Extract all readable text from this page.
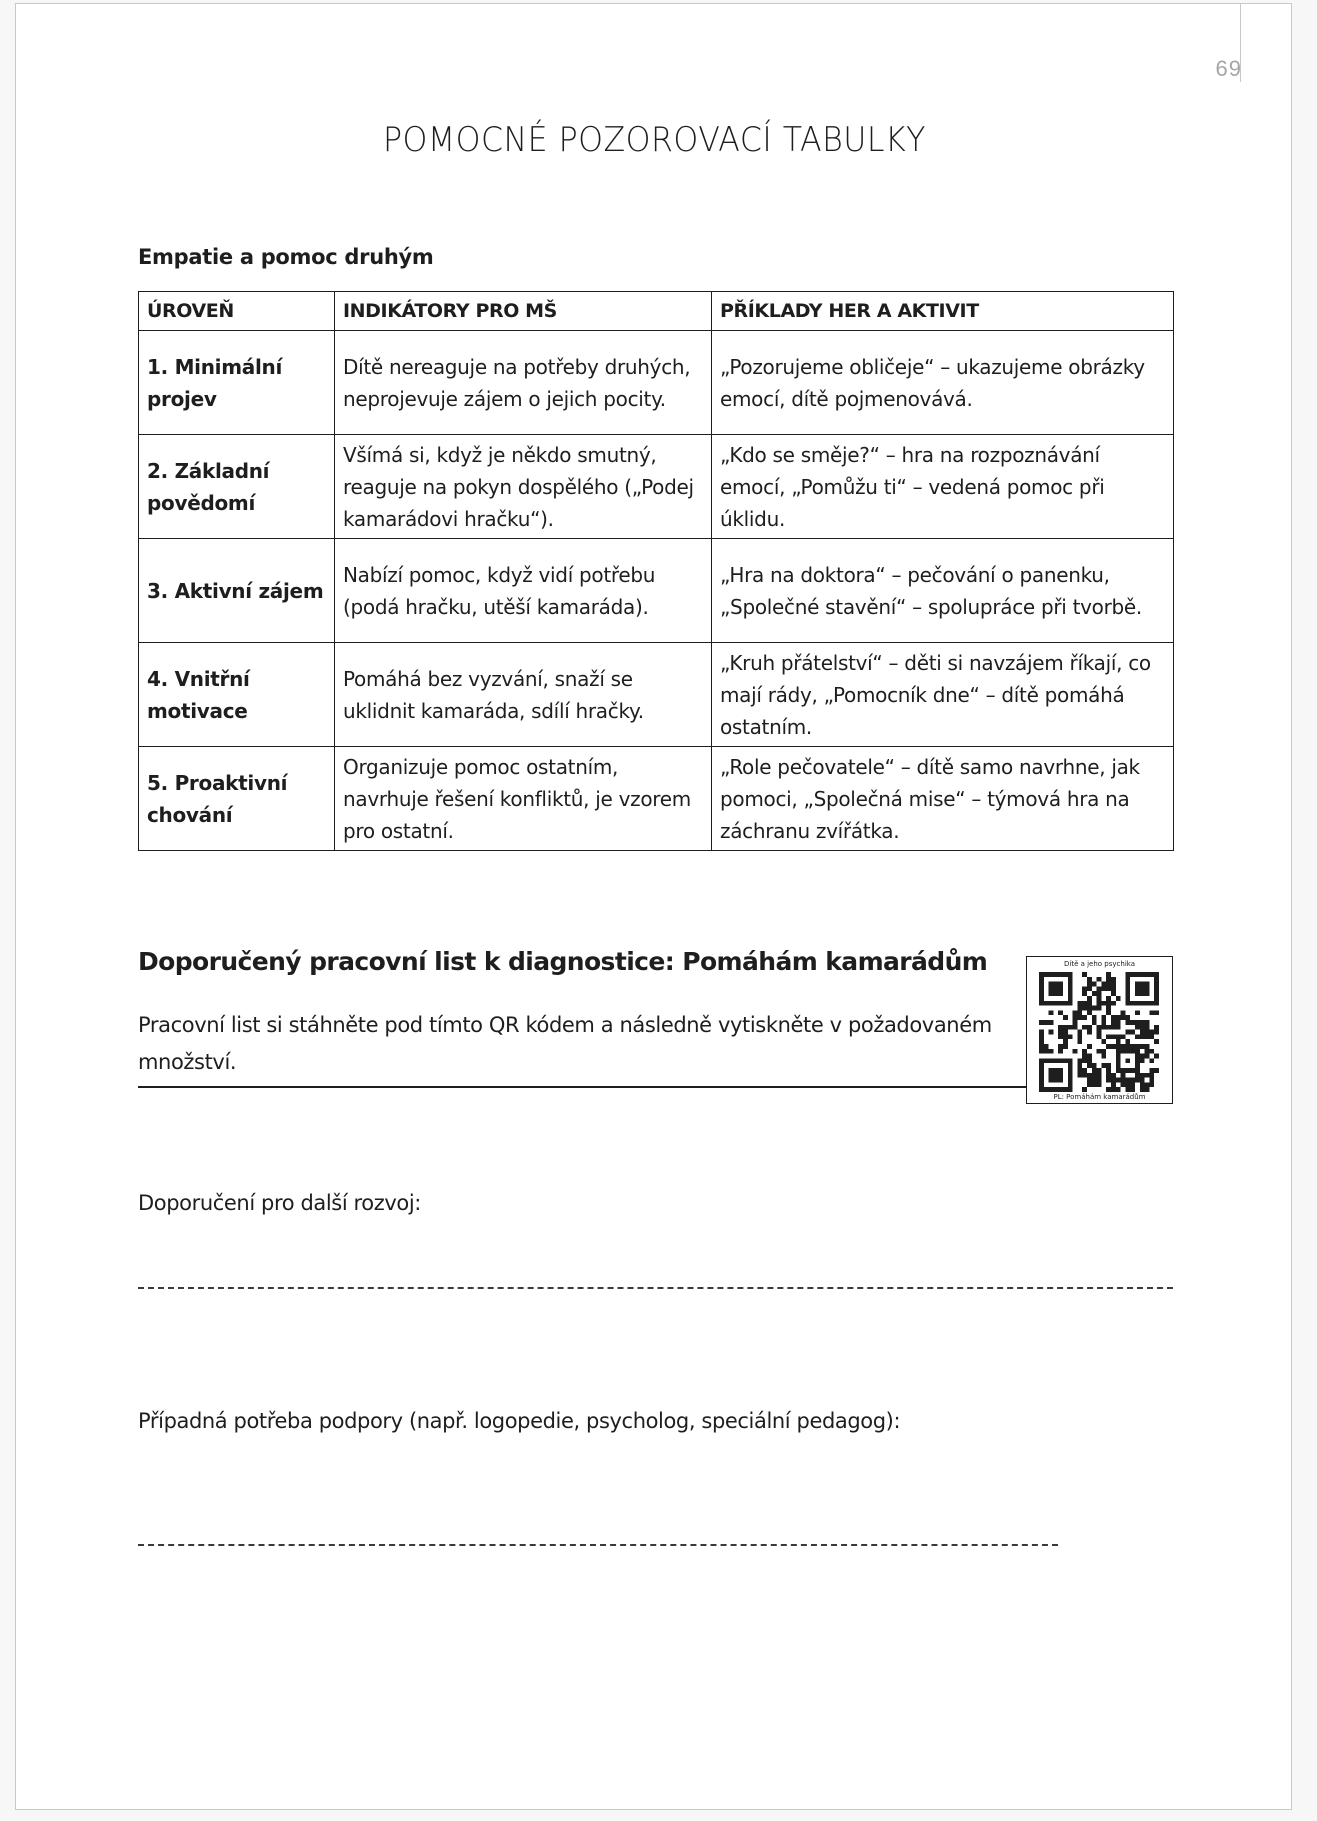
69
POMOCNÉ POZOROVACÍ TABULKY
Empatie a pomoc druhým
ÚROVEŇ	INDIKÁTORY PRO MŠ	PŘÍKLADY HER A AKTIVIT
1. Minimální projev	Dítě nereaguje na potřeby druhých, neprojevuje zájem o jejich pocity.	„Pozorujeme obličeje“ – ukazujeme obrázky emocí, dítě pojmenovává.
2. Základní povědomí	Všímá si, když je někdo smutný, reaguje na pokyn dospělého („Podej kamarádovi hračku“).	„Kdo se směje?“ – hra na rozpoznávání emocí, „Pomůžu ti“ – vedená pomoc při úklidu.
3. Aktivní zájem	Nabízí pomoc, když vidí potřebu (podá hračku, utěší kamaráda).	„Hra na doktora“ – pečování o panenku, „Společné stavění“ – spolupráce při tvorbě.
4. Vnitřní motivace	Pomáhá bez vyzvání, snaží se uklidnit kamaráda, sdílí hračky.	„Kruh přátelství“ – děti si navzájem říkají, co mají rády, „Pomocník dne“ – dítě pomáhá ostatním.
5. Proaktivní chování	Organizuje pomoc ostatním, navrhuje řešení konfliktů, je vzorem pro ostatní.	„Role pečovatele“ – dítě samo navrhne, jak pomoci, „Společná mise“ – týmová hra na záchranu zvířátka.
Doporučený pracovní list k diagnostice: Pomáhám kamarádům
Pracovní list si stáhněte pod tímto QR kódem a následně vytiskněte v požadovaném množství.
Dítě a jeho psychika
PL: Pomáhám kamarádům
Doporučení pro další rozvoj:
Případná potřeba podpory (např. logopedie, psycholog, speciální pedagog):
